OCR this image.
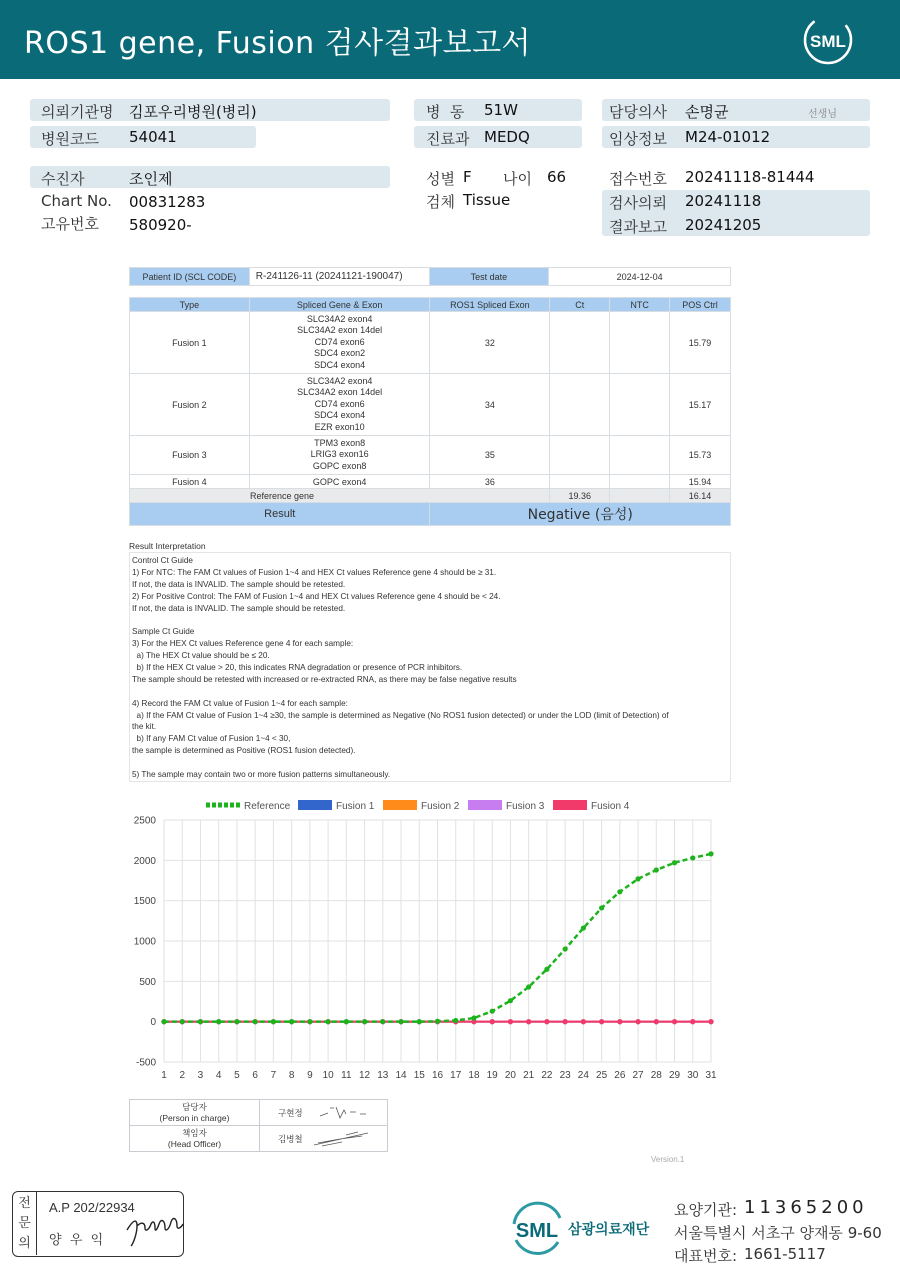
ROS1 gene, Fusion 검사결과보고서	SML
의뢰기관명 김포우리병원(병리)
병원코드 54041
병  동 51W
진료과 MEDQ
담당의사 손명균	선생님
임상정보 M24-01012
수진자	조인제
Chart No. 00831283
고유번호 580920-
성별 F 나이 66
검체 Tissue
접수번호 20241118-81444
검사의뢰 20241118
결과보고 20241205
Patient ID (SCL CODE)	R-241126-11 (20241121-190047)	Test date	2024-12-04
Type	Spliced Gene & Exon	ROS1 Spliced Exon	Ct	NTC	POS Ctrl
Fusion 1	SLC34A2 exon4
SLC34A2 exon 14del
CD74 exon6
SDC4 exon2
SDC4 exon4	32			15.79
Fusion 2	SLC34A2 exon4
SLC34A2 exon 14del
CD74 exon6
SDC4 exon4
EZR exon10	34			15.17
Fusion 3	TPM3 exon8
LRIG3 exon16
GOPC exon8	35			15.73
Fusion 4	GOPC exon4	36			15.94
Reference gene			19.36		16.14
Result		Negative (음성)			
Result Interpretation
Control Ct Guide
1) For NTC: The FAM Ct values of Fusion 1~4 and HEX Ct values Reference gene 4 should be ≥ 31.
If not, the data is INVALID. The sample should be retested.
2) For Positive Control: The FAM of Fusion 1~4 and HEX Ct values Reference gene 4 should be < 24.
If not, the data is INVALID. The sample should be retested.
Sample Ct Guide
3) For the HEX Ct values Reference gene 4 for each sample:
a) The HEX Ct value should be ≤ 20.
b) If the HEX Ct value > 20, this indicates RNA degradation or presence of PCR inhibitors.
The sample should be retested with increased or re-extracted RNA, as there may be false negative results
4) Record the FAM Ct value of Fusion 1~4 for each sample:
a) If the FAM Ct value of Fusion 1~4 ≥30, the sample is determined as Negative (No ROS1 fusion detected) or under the LOD (limit of Detection) of
the kit.
b) If any FAM Ct value of Fusion 1~4 < 30,
the sample is determined as Positive (ROS1 fusion detected).
5) The sample may contain two or more fusion patterns simultaneously.
-500
0
500
1000
1500
2000
2500
1 2 3 4 5 6 7 8 9 10 11 12 13 14 15 16 17 18 19 20 21 22 23 24 25 26 27 28 29 30 31
Reference	Fusion 1	Fusion 2	Fusion 3	Fusion 4
담당자
(Person in charge)	구현정

책임자
(Head Officer)	김병철
Version.1
전
문
의
A.P 202/22934
양  우  익	SML 삼광의료재단
요양기관: 11365200
서울특별시 서초구 양재동 9-60
대표번호: 1661-5117
